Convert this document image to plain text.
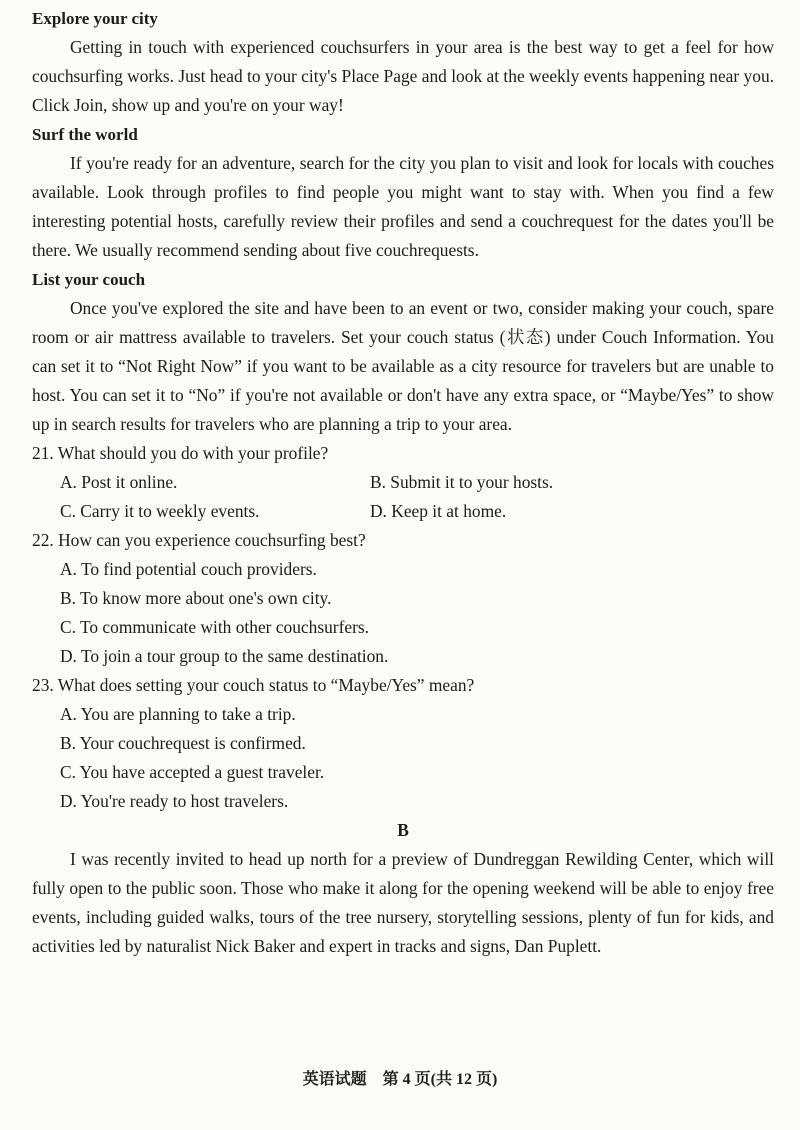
Explore your city
Getting in touch with experienced couchsurfers in your area is the best way to get a feel for how couchsurfing works. Just head to your city's Place Page and look at the weekly events happening near you. Click Join, show up and you're on your way!
Surf the world
If you're ready for an adventure, search for the city you plan to visit and look for locals with couches available. Look through profiles to find people you might want to stay with. When you find a few interesting potential hosts, carefully review their profiles and send a couchrequest for the dates you'll be there. We usually recommend sending about five couchrequests.
List your couch
Once you've explored the site and have been to an event or two, consider making your couch, spare room or air mattress available to travelers. Set your couch status (状态) under Couch Information. You can set it to “Not Right Now” if you want to be available as a city resource for travelers but are unable to host. You can set it to “No” if you're not available or don't have any extra space, or “Maybe/Yes” to show up in search results for travelers who are planning a trip to your area.
21. What should you do with your profile?
A. Post it online.	B. Submit it to your hosts.
C. Carry it to weekly events.	D. Keep it at home.
22. How can you experience couchsurfing best?
A. To find potential couch providers.
B. To know more about one's own city.
C. To communicate with other couchsurfers.
D. To join a tour group to the same destination.
23. What does setting your couch status to “Maybe/Yes” mean?
A. You are planning to take a trip.
B. Your couchrequest is confirmed.
C. You have accepted a guest traveler.
D. You're ready to host travelers.
B
I was recently invited to head up north for a preview of Dundreggan Rewilding Center, which will fully open to the public soon. Those who make it along for the opening weekend will be able to enjoy free events, including guided walks, tours of the tree nursery, storytelling sessions, plenty of fun for kids, and activities led by naturalist Nick Baker and expert in tracks and signs, Dan Puplett.
英语试题　第 4 页(共 12 页)
